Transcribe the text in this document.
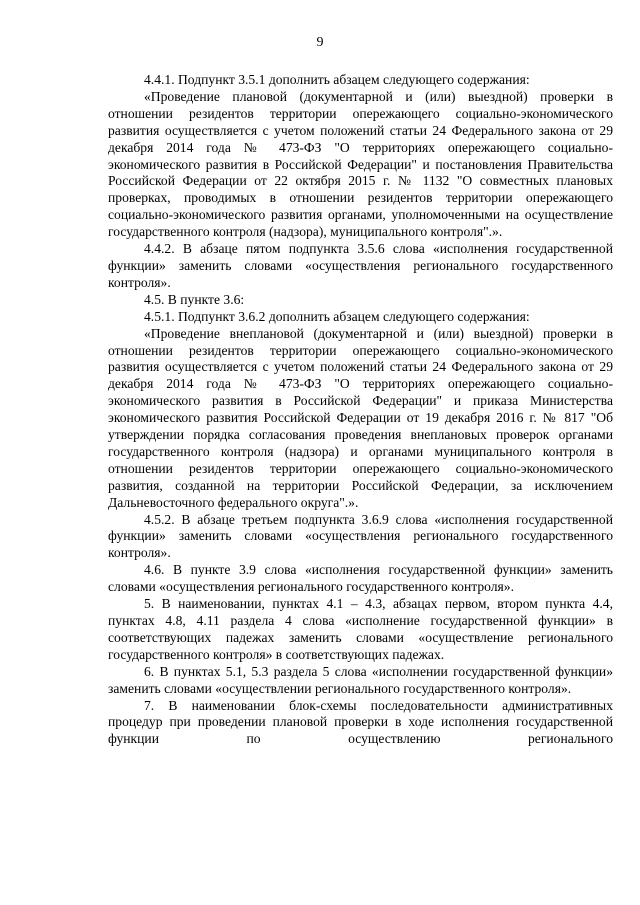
9

4.4.1. Подпункт 3.5.1 дополнить абзацем следующего содержания:

«Проведение плановой (документарной и (или) выездной) проверки в отношении резидентов территории опережающего социально-экономического развития осуществляется с учетом положений статьи 24 Федерального закона от 29 декабря 2014 года № 473-ФЗ "О территориях опережающего социально-экономического развития в Российской Федерации" и постановления Правительства Российской Федерации от 22 октября 2015 г. № 1132 "О совместных плановых проверках, проводимых в отношении резидентов территории опережающего социально-экономического развития органами, уполномоченными на осуществление государственного контроля (надзора), муниципального контроля".».

4.4.2. В абзаце пятом подпункта 3.5.6 слова «исполнения государственной функции» заменить словами «осуществления регионального государственного контроля».

4.5. В пункте 3.6:

4.5.1. Подпункт 3.6.2 дополнить абзацем следующего содержания:

«Проведение внеплановой (документарной и (или) выездной) проверки в отношении резидентов территории опережающего социально-экономического развития осуществляется с учетом положений статьи 24 Федерального закона от 29 декабря 2014 года № 473-ФЗ "О территориях опережающего социально-экономического развития в Российской Федерации" и приказа Министерства экономического развития Российской Федерации от 19 декабря 2016 г. № 817 "Об утверждении порядка согласования проведения внеплановых проверок органами государственного контроля (надзора) и органами муниципального контроля в отношении резидентов территории опережающего социально-экономического развития, созданной на территории Российской Федерации, за исключением Дальневосточного федерального округа".».

4.5.2. В абзаце третьем подпункта 3.6.9 слова «исполнения государственной функции» заменить словами «осуществления регионального государственного контроля».

4.6. В пункте 3.9 слова «исполнения государственной функции» заменить словами «осуществления регионального государственного контроля».

5. В наименовании, пунктах 4.1 – 4.3, абзацах первом, втором пункта 4.4, пунктах 4.8, 4.11 раздела 4 слова «исполнение государственной функции» в соответствующих падежах заменить словами «осуществление регионального государственного контроля» в соответствующих падежах.

6. В пунктах 5.1, 5.3 раздела 5 слова «исполнении государственной функции» заменить словами «осуществлении регионального государственного контроля».

7. В наименовании блок-схемы последовательности административных процедур при проведении плановой проверки в ходе исполнения государственной функции по осуществлению регионального
